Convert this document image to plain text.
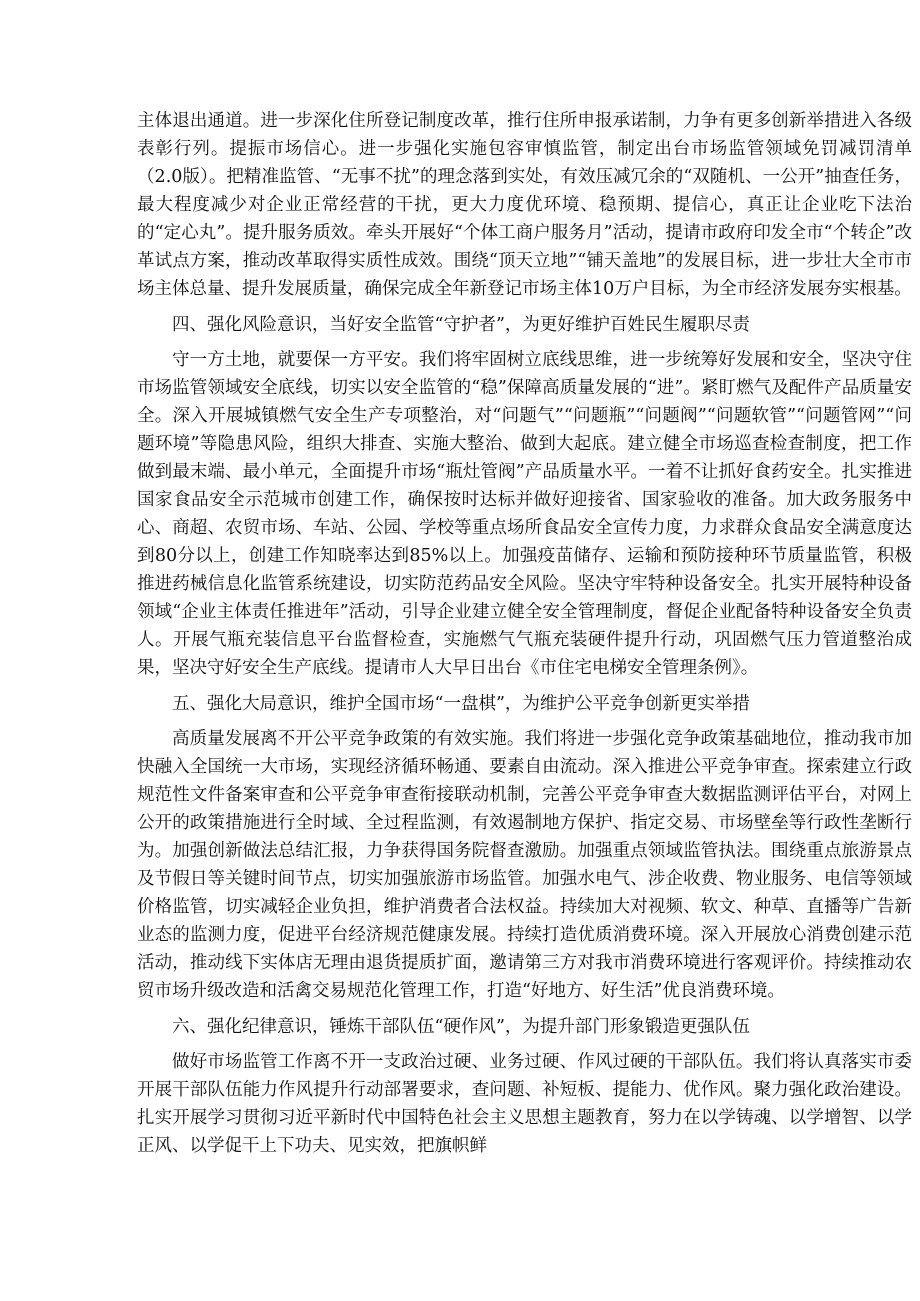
主体退出通道。进一步深化住所登记制度改革，推行住所申报承诺制，力争有更多创新举措进入各级表彰行列。提振市场信心。进一步强化实施包容审慎监管，制定出台市场监管领域免罚减罚清单（2.0版）。把精准监管、“无事不扰”的理念落到实处，有效压减冗余的“双随机、一公开”抽查任务，最大程度减少对企业正常经营的干扰，更大力度优环境、稳预期、提信心，真正让企业吃下法治的“定心丸”。提升服务质效。牵头开展好“个体工商户服务月”活动，提请市政府印发全市“个转企”改革试点方案，推动改革取得实质性成效。围绕“顶天立地”“铺天盖地”的发展目标，进一步壮大全市市场主体总量、提升发展质量，确保完成全年新登记市场主体10万户目标，为全市经济发展夯实根基。

四、强化风险意识，当好安全监管“守护者”，为更好维护百姓民生履职尽责

守一方土地，就要保一方平安。我们将牢固树立底线思维，进一步统筹好发展和安全，坚决守住市场监管领域安全底线，切实以安全监管的“稳”保障高质量发展的“进”。紧盯燃气及配件产品质量安全。深入开展城镇燃气安全生产专项整治，对“问题气”“问题瓶”“问题阀”“问题软管”“问题管网”“问题环境”等隐患风险，组织大排查、实施大整治、做到大起底。建立健全市场巡查检查制度，把工作做到最末端、最小单元，全面提升市场“瓶灶管阀”产品质量水平。一着不让抓好食药安全。扎实推进国家食品安全示范城市创建工作，确保按时达标并做好迎接省、国家验收的准备。加大政务服务中心、商超、农贸市场、车站、公园、学校等重点场所食品安全宣传力度，力求群众食品安全满意度达到80分以上，创建工作知晓率达到85%以上。加强疫苗储存、运输和预防接种环节质量监管，积极推进药械信息化监管系统建设，切实防范药品安全风险。坚决守牢特种设备安全。扎实开展特种设备领域“企业主体责任推进年”活动，引导企业建立健全安全管理制度，督促企业配备特种设备安全负责人。开展气瓶充装信息平台监督检查，实施燃气气瓶充装硬件提升行动，巩固燃气压力管道整治成果，坚决守好安全生产底线。提请市人大早日出台《市住宅电梯安全管理条例》。

五、强化大局意识，维护全国市场“一盘棋”，为维护公平竞争创新更实举措

高质量发展离不开公平竞争政策的有效实施。我们将进一步强化竞争政策基础地位，推动我市加快融入全国统一大市场，实现经济循环畅通、要素自由流动。深入推进公平竞争审查。探索建立行政规范性文件备案审查和公平竞争审查衔接联动机制，完善公平竞争审查大数据监测评估平台，对网上公开的政策措施进行全时域、全过程监测，有效遏制地方保护、指定交易、市场壁垒等行政性垄断行为。加强创新做法总结汇报，力争获得国务院督查激励。加强重点领域监管执法。围绕重点旅游景点及节假日等关键时间节点，切实加强旅游市场监管。加强水电气、涉企收费、物业服务、电信等领域价格监管，切实减轻企业负担，维护消费者合法权益。持续加大对视频、软文、种草、直播等广告新业态的监测力度，促进平台经济规范健康发展。持续打造优质消费环境。深入开展放心消费创建示范活动，推动线下实体店无理由退货提质扩面，邀请第三方对我市消费环境进行客观评价。持续推动农贸市场升级改造和活禽交易规范化管理工作，打造“好地方、好生活”优良消费环境。

六、强化纪律意识，锤炼干部队伍“硬作风”，为提升部门形象锻造更强队伍

做好市场监管工作离不开一支政治过硬、业务过硬、作风过硬的干部队伍。我们将认真落实市委开展干部队伍能力作风提升行动部署要求，查问题、补短板、提能力、优作风。聚力强化政治建设。扎实开展学习贯彻习近平新时代中国特色社会主义思想主题教育，努力在以学铸魂、以学增智、以学正风、以学促干上下功夫、见实效，把旗帜鲜
